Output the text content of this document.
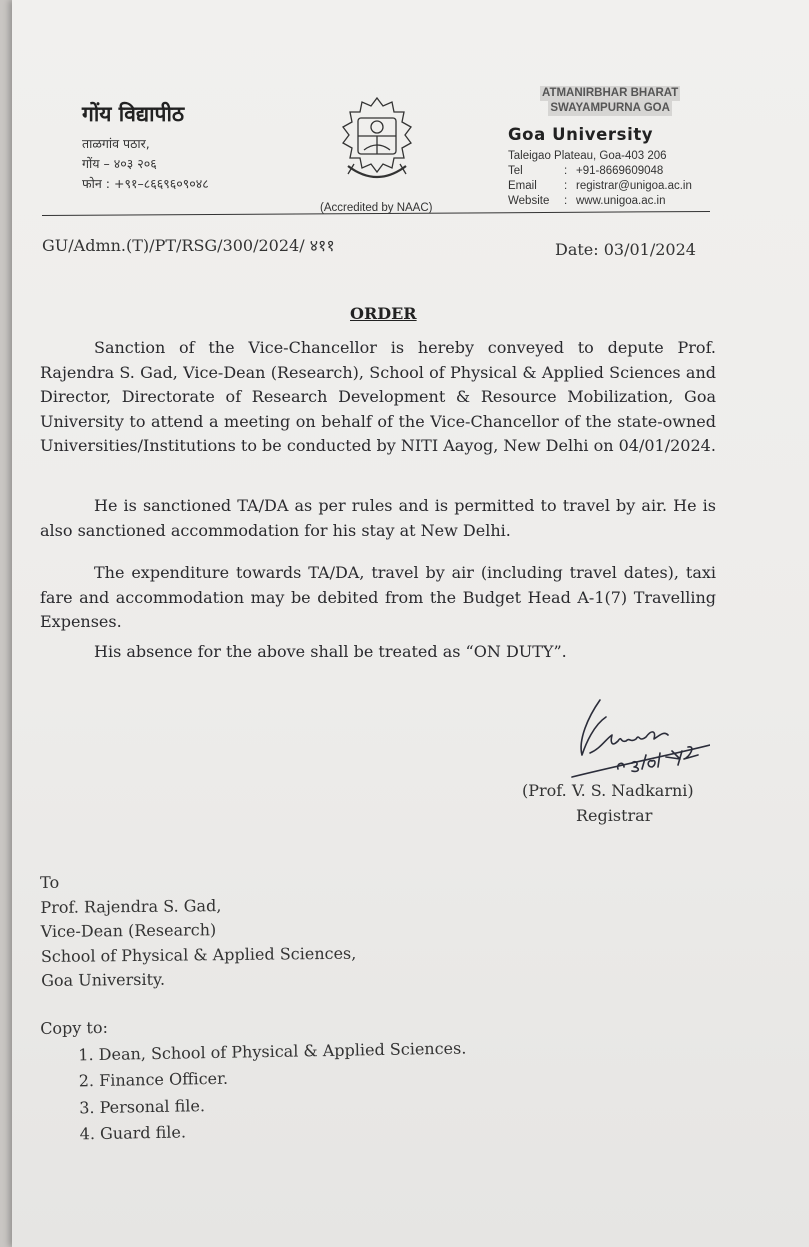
गोंय विद्यापीठ
ताळगांव पठार,
गोंय – ४०३ २०६
फोन : +९१–८६६९६०९०४८
(Accredited by NAAC)
ATMANIRBHAR BHARAT
SWAYAMPURNA GOA
Goa University
Taleigao Plateau, Goa-403 206
Tel	: +91-8669609048
Email	: registrar@unigoa.ac.in
Website	: www.unigoa.ac.in
GU/Admn.(T)/PT/RSG/300/2024/ ४११	Date: 03/01/2024
ORDER
Sanction of the Vice-Chancellor is hereby conveyed to depute Prof. Rajendra S. Gad, Vice-Dean (Research), School of Physical & Applied Sciences and Director, Directorate of Research Development & Resource Mobilization, Goa University to attend a meeting on behalf of the Vice-Chancellor of the state-owned Universities/Institutions to be conducted by NITI Aayog, New Delhi on 04/01/2024.
He is sanctioned TA/DA as per rules and is permitted to travel by air. He is also sanctioned accommodation for his stay at New Delhi.
The expenditure towards TA/DA, travel by air (including travel dates), taxi fare and accommodation may be debited from the Budget Head A-1(7) Travelling Expenses.
His absence for the above shall be treated as “ON DUTY”.
(Prof. V. S. Nadkarni)
Registrar
To
Prof. Rajendra S. Gad,
Vice-Dean (Research)
School of Physical & Applied Sciences,
Goa University.
Copy to:
1. Dean, School of Physical & Applied Sciences.
2. Finance Officer.
3. Personal file.
4. Guard file.
